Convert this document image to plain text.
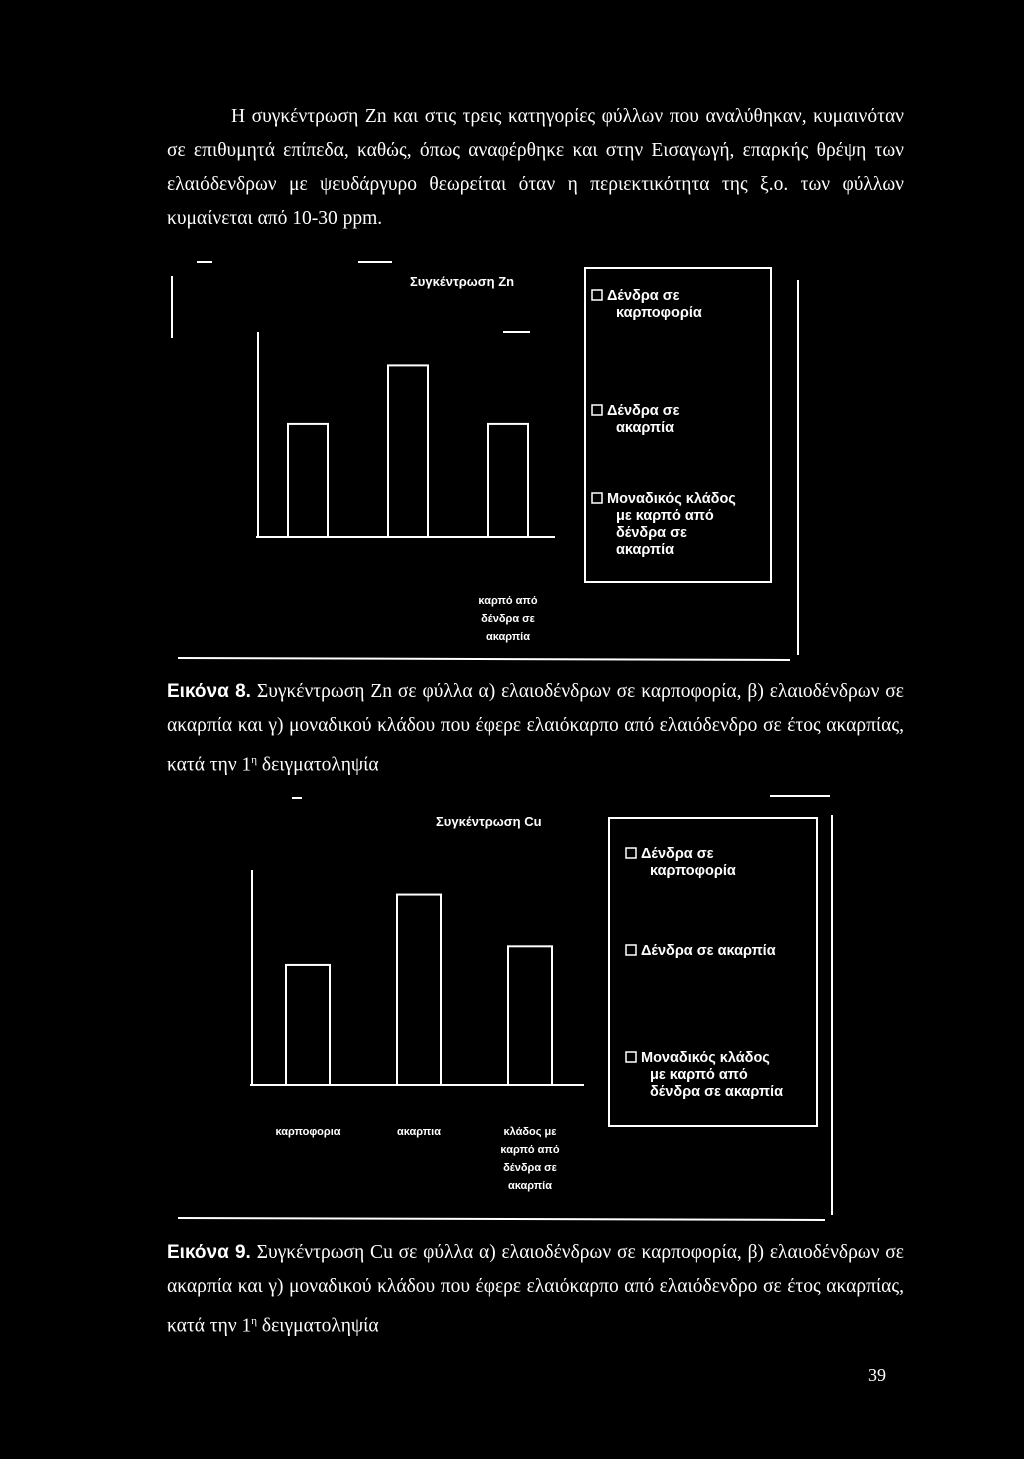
Η συγκέντρωση Zn και στις τρεις κατηγορίες φύλλων που αναλύθηκαν, κυμαινόταν σε επιθυμητά επίπεδα, καθώς, όπως αναφέρθηκε και στην Εισαγωγή, επαρκής θρέψη των ελαιόδενδρων με ψευδάργυρο θεωρείται όταν η περιεκτικότητα της ξ.ο. των φύλλων κυμαίνεται από 10-30 ppm.

Συγκέντρωση Zn
καρπό από δένδρα σε ακαρπία
Δένδρα σε καρποφορία
Δένδρα σε ακαρπία
Μοναδικός κλάδος με καρπό από δένδρα σε ακαρπία

Εικόνα 8. Συγκέντρωση Zn σε φύλλα α) ελαιοδένδρων σε καρποφορία, β) ελαιοδένδρων σε ακαρπία και γ) μοναδικού κλάδου που έφερε ελαιόκαρπο από ελαιόδενδρο σε έτος ακαρπίας, κατά την $1^\eta$ δειγματοληψία

Συγκέντρωση Cu
καρποφορια	ακαρπια	κλάδος με καρπό από δένδρα σε ακαρπία
Δένδρα σε καρποφορία
Δένδρα σε ακαρπία
Μοναδικός κλάδος με καρπό από δένδρα σε ακαρπία

Εικόνα 9. Συγκέντρωση Cu σε φύλλα α) ελαιοδένδρων σε καρποφορία, β) ελαιοδένδρων σε ακαρπία και γ) μοναδικού κλάδου που έφερε ελαιόκαρπο από ελαιόδενδρο σε έτος ακαρπίας, κατά την $1^\eta$ δειγματοληψία

39
